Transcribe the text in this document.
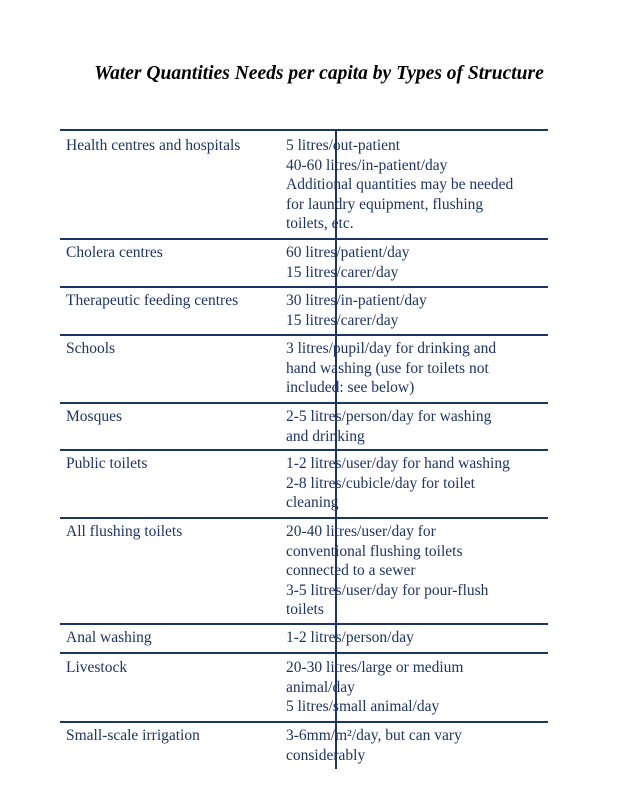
Water Quantities Needs per capita by Types of Structure
Health centres and hospitals	5 litres/out-patient
40-60 litres/in-patient/day
Additional quantities may be needed
for laundry equipment, flushing
toilets, etc.
Cholera centres	60 litres/patient/day
15 litres/carer/day
Therapeutic feeding centres	30 litres/in-patient/day
15 litres/carer/day
Schools	3 litres/pupil/day for drinking and
hand washing (use for toilets not
included: see below)
Mosques	2-5 litres/person/day for washing
and drinking
Public toilets	1-2 litres/user/day for hand washing
2-8 litres/cubicle/day for toilet
cleaning
All flushing toilets	20-40 litres/user/day for
conventional flushing toilets
connected to a sewer
3-5 litres/user/day for pour-flush
toilets
Anal washing	1-2 litres/person/day
Livestock	20-30 litres/large or medium
animal/day
5 litres/small animal/day
Small-scale irrigation	3-6mm/m²/day, but can vary
considerably
